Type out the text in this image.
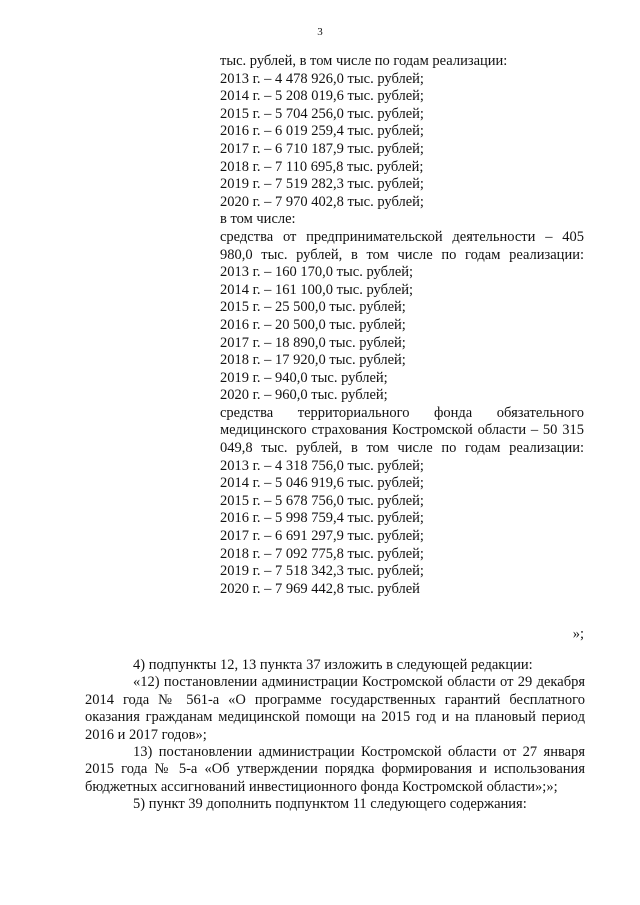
3
тыс. рублей, в том числе по годам реализации:
2013 г. – 4 478 926,0 тыс. рублей;
2014 г. – 5 208 019,6 тыс. рублей;
2015 г. – 5 704 256,0 тыс. рублей;
2016 г. – 6 019 259,4 тыс. рублей;
2017 г. – 6 710 187,9 тыс. рублей;
2018 г. – 7 110 695,8 тыс. рублей;
2019 г. – 7 519 282,3 тыс. рублей;
2020 г. – 7 970 402,8 тыс. рублей;
в том числе:
средства от предпринимательской деятельности – 405 980,0 тыс. рублей, в том числе по годам реализации:
2013 г. – 160 170,0 тыс. рублей;
2014 г. – 161 100,0 тыс. рублей;
2015 г. – 25 500,0 тыс. рублей;
2016 г. – 20 500,0 тыс. рублей;
2017 г. – 18 890,0 тыс. рублей;
2018 г. – 17 920,0 тыс. рублей;
2019 г. – 940,0 тыс. рублей;
2020 г. – 960,0 тыс. рублей;
средства территориального фонда обязательного медицинского страхования Костромской области – 50 315 049,8 тыс. рублей, в том числе по годам реализации:
2013 г. – 4 318 756,0 тыс. рублей;
2014 г. – 5 046 919,6 тыс. рублей;
2015 г. – 5 678 756,0 тыс. рублей;
2016 г. – 5 998 759,4 тыс. рублей;
2017 г. – 6 691 297,9 тыс. рублей;
2018 г. – 7 092 775,8 тыс. рублей;
2019 г. – 7 518 342,3 тыс. рублей;
2020 г. – 7 969 442,8 тыс. рублей
»;
4) подпункты 12, 13 пункта 37 изложить в следующей редакции:
«12) постановлении администрации Костромской области от 29 декабря 2014 года № 561-а «О программе государственных гарантий бесплатного оказания гражданам медицинской помощи на 2015 год и на плановый период 2016 и 2017 годов»;
13) постановлении администрации Костромской области от 27 января 2015 года № 5-а «Об утверждении порядка формирования и использования бюджетных ассигнований инвестиционного фонда Костромской области»;»;
5) пункт 39 дополнить подпунктом 11 следующего содержания:
